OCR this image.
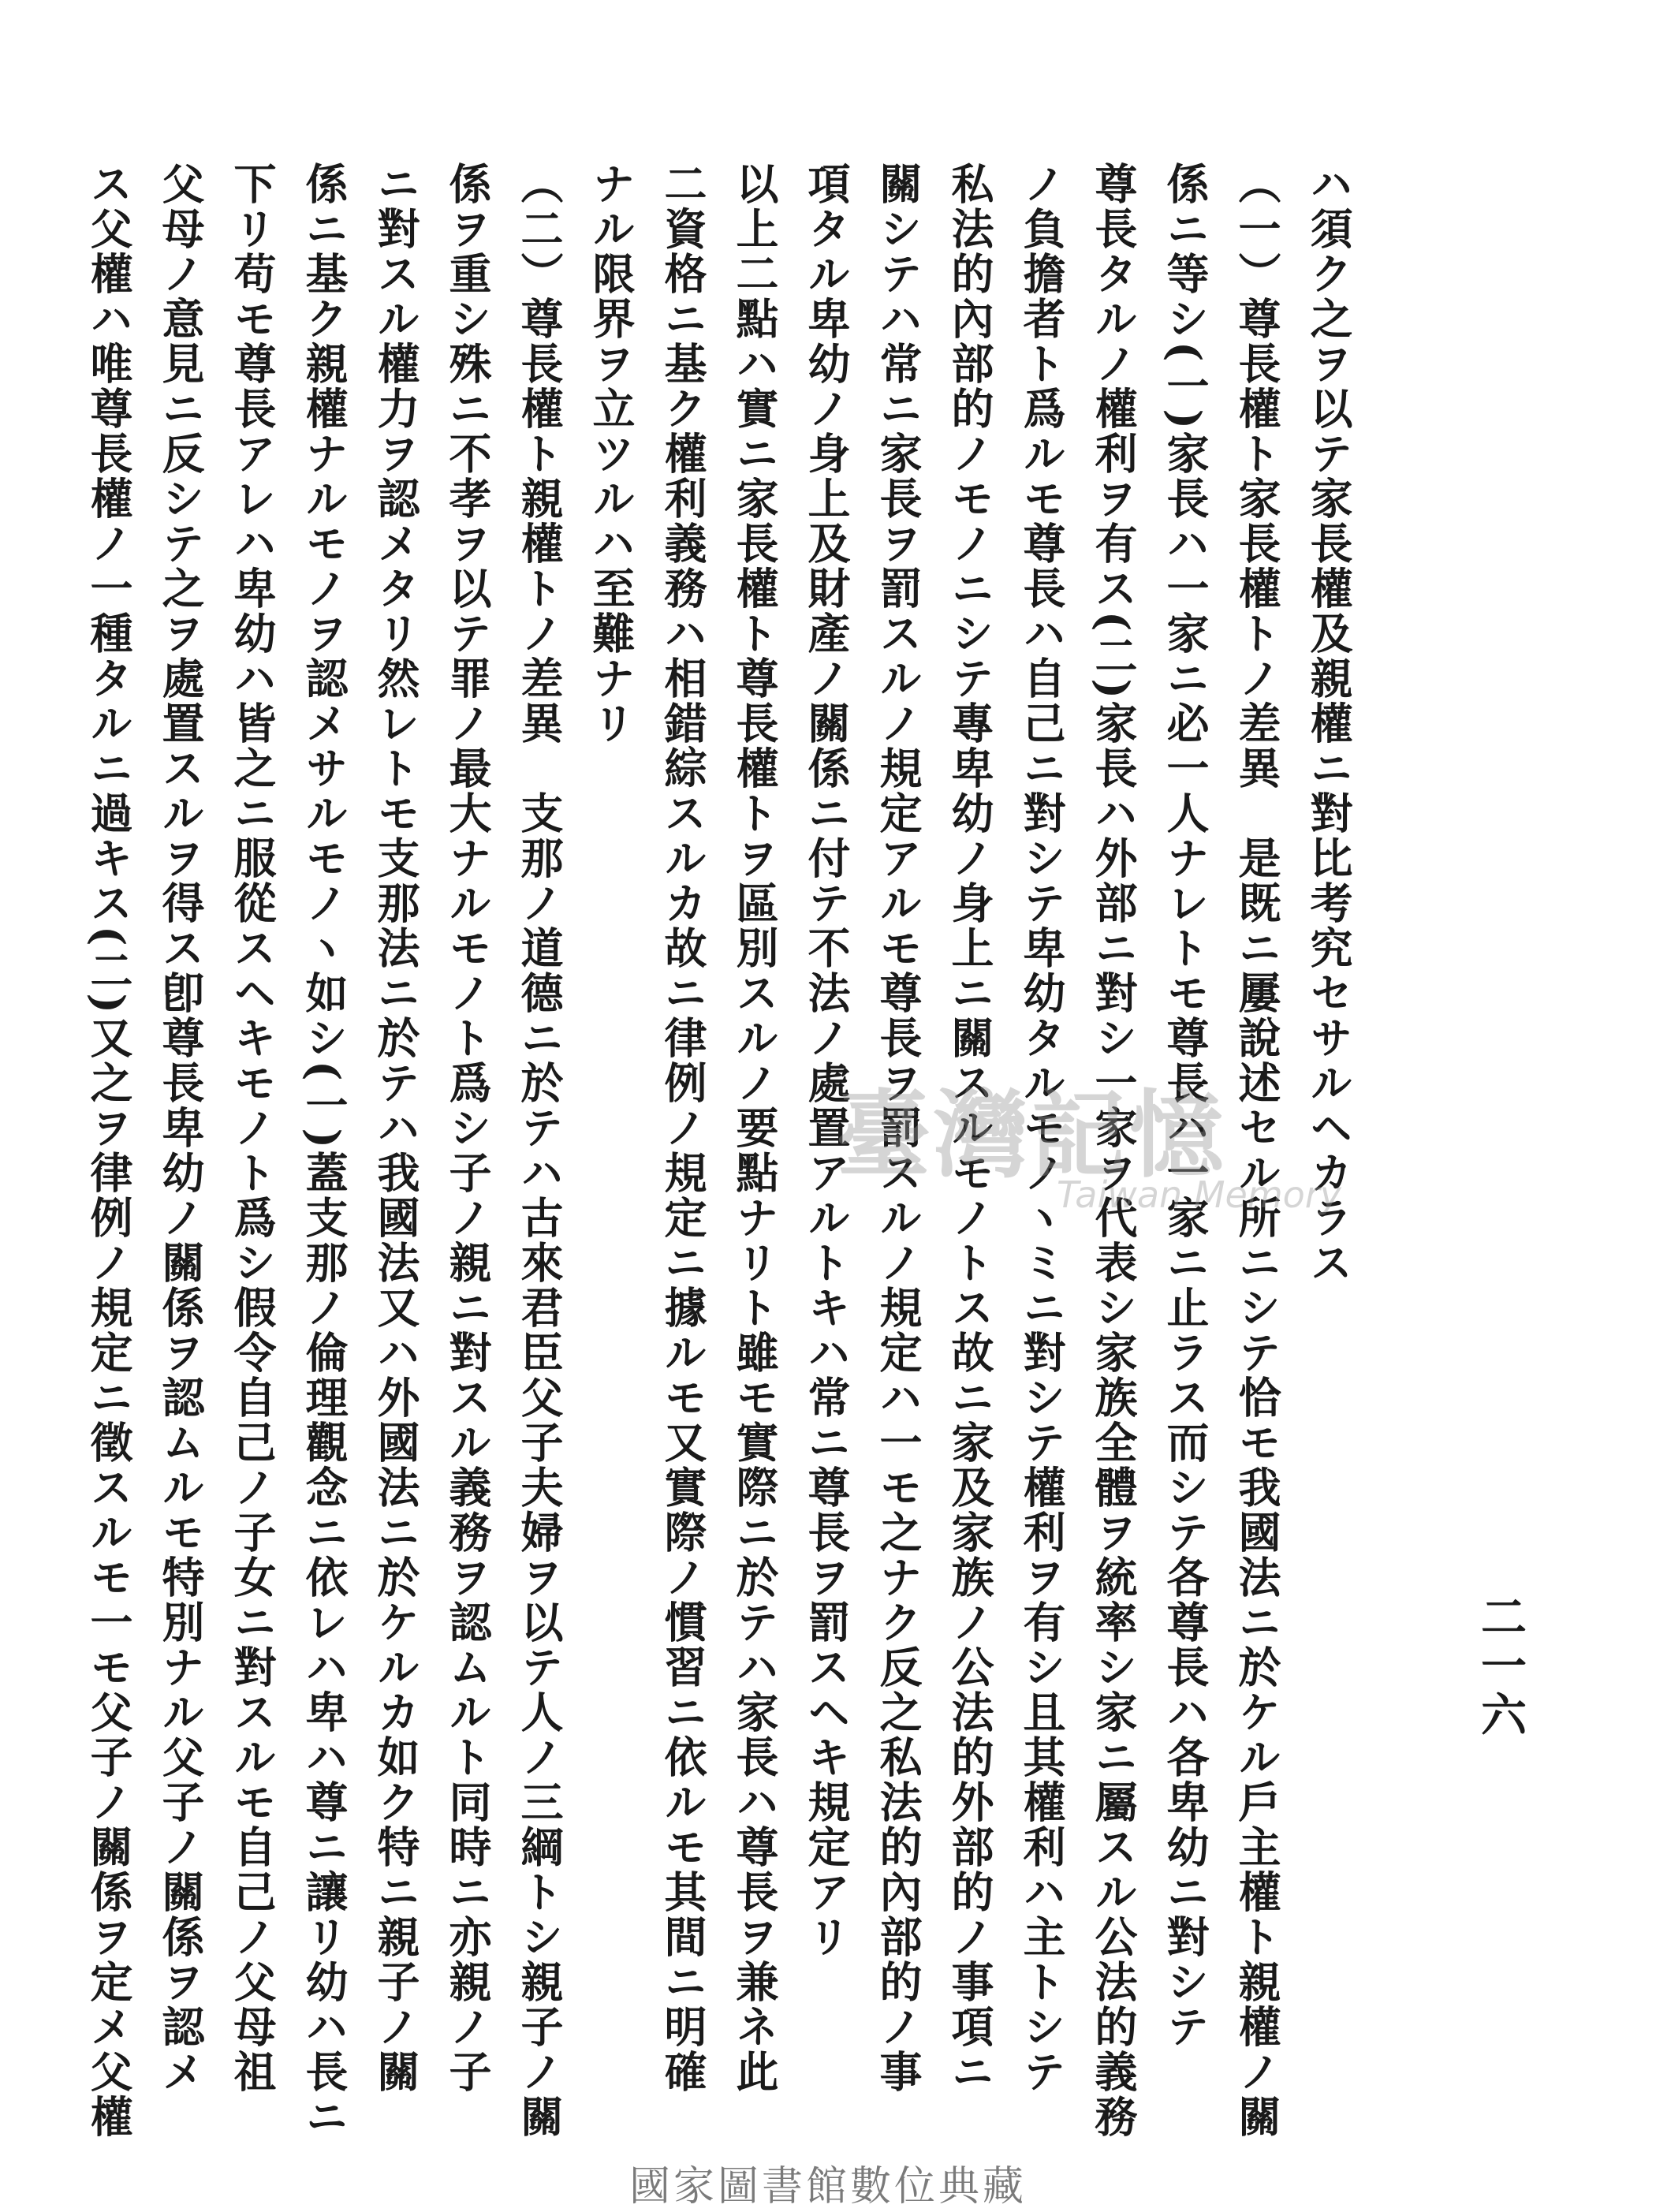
二一六
ハ須ク之ヲ以テ家長權及親權ニ對比考究セサルヘカラス
（一）尊長權ト家長權トノ差異　是既ニ屢說述セル所ニシテ恰モ我國法ニ於ケル戶主權ト親權ノ關
係ニ等シ(一)家長ハ一家ニ必一人ナレトモ尊長ハ一家ニ止ラス而シテ各尊長ハ各卑幼ニ對シテ
尊長タルノ權利ヲ有ス(二)家長ハ外部ニ對シ一家ヲ代表シ家族全體ヲ統率シ家ニ屬スル公法的義務
ノ負擔者ト爲ルモ尊長ハ自己ニ對シテ卑幼タルモノヽミニ對シテ權利ヲ有シ且其權利ハ主トシテ
私法的內部的ノモノニシテ專卑幼ノ身上ニ關スルモノトス故ニ家及家族ノ公法的外部的ノ事項ニ
關シテハ常ニ家長ヲ罰スルノ規定アルモ尊長ヲ罰スルノ規定ハ一モ之ナク反之私法的內部的ノ事
項タル卑幼ノ身上及財產ノ關係ニ付テ不法ノ處置アルトキハ常ニ尊長ヲ罰スヘキ規定アリ
以上二點ハ實ニ家長權ト尊長權トヲ區別スルノ要點ナリト雖モ實際ニ於テハ家長ハ尊長ヲ兼ネ此
二資格ニ基ク權利義務ハ相錯綜スルカ故ニ律例ノ規定ニ據ルモ又實際ノ慣習ニ依ルモ其間ニ明確
ナル限界ヲ立ツルハ至難ナリ
（二）尊長權ト親權トノ差異　支那ノ道德ニ於テハ古來君臣父子夫婦ヲ以テ人ノ三綱トシ親子ノ關
係ヲ重シ殊ニ不孝ヲ以テ罪ノ最大ナルモノト爲シ子ノ親ニ對スル義務ヲ認ムルト同時ニ亦親ノ子
ニ對スル權力ヲ認メタリ然レトモ支那法ニ於テハ我國法又ハ外國法ニ於ケルカ如ク特ニ親子ノ關
係ニ基ク親權ナルモノヲ認メサルモノヽ如シ(一)蓋支那ノ倫理觀念ニ依レハ卑ハ尊ニ讓リ幼ハ長ニ
下リ苟モ尊長アレハ卑幼ハ皆之ニ服從スヘキモノト爲シ假令自己ノ子女ニ對スルモ自己ノ父母祖
父母ノ意見ニ反シテ之ヲ處置スルヲ得ス卽尊長卑幼ノ關係ヲ認ムルモ特別ナル父子ノ關係ヲ認メ
ス父權ハ唯尊長權ノ一種タルニ過キス(二)又之ヲ律例ノ規定ニ徵スルモ一モ父子ノ關係ヲ定メ父權	臺灣記憶
Taiwan Memory
國家圖書館數位典藏
